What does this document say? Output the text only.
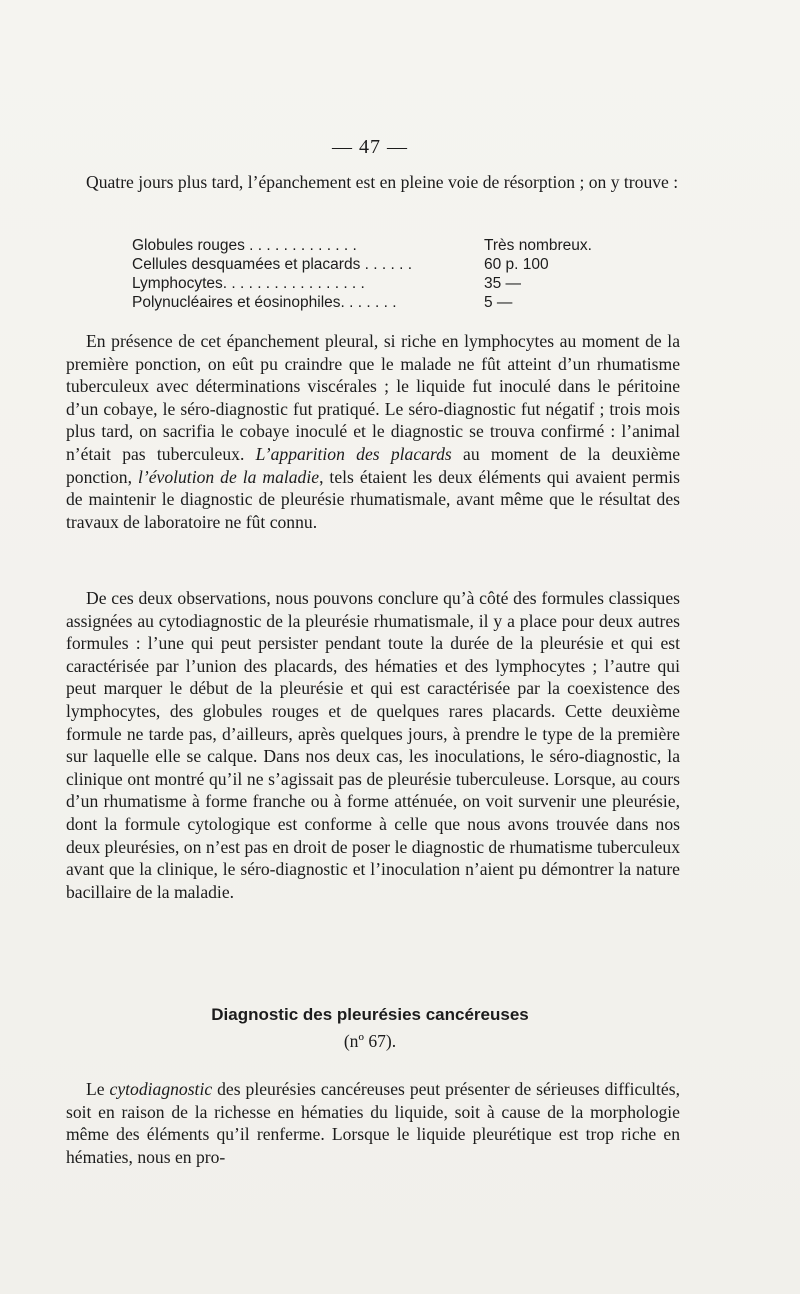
— 47 —

Quatre jours plus tard, l’épanchement est en pleine voie de résorption ; on y trouve :

Globules rouges . . . . . . . . . . . . .	Très nombreux.
Cellules desquamées et placards . . . . . .	60 p. 100
Lymphocytes. . . . . . . . . . . . . . . . .	35 —
Polynucléaires et éosinophiles. . . . . . .	5 —

En présence de cet épanchement pleural, si riche en lymphocytes au moment de la première ponction, on eût pu craindre que le malade ne fût atteint d’un rhumatisme tuberculeux avec déterminations viscérales ; le liquide fut inoculé dans le péritoine d’un cobaye, le séro-diagnostic fut pratiqué. Le séro-diagnostic fut négatif ; trois mois plus tard, on sacrifia le cobaye inoculé et le diagnostic se trouva confirmé : l’animal n’était pas tuberculeux. L’apparition des placards au moment de la deuxième ponction, l’évolution de la maladie, tels étaient les deux éléments qui avaient permis de maintenir le diagnostic de pleurésie rhumatismale, avant même que le résultat des travaux de laboratoire ne fût connu.

De ces deux observations, nous pouvons conclure qu’à côté des formules classiques assignées au cytodiagnostic de la pleurésie rhumatismale, il y a place pour deux autres formules : l’une qui peut persister pendant toute la durée de la pleurésie et qui est caractérisée par l’union des placards, des hématies et des lymphocytes ; l’autre qui peut marquer le début de la pleurésie et qui est caractérisée par la coexistence des lymphocytes, des globules rouges et de quelques rares placards. Cette deuxième formule ne tarde pas, d’ailleurs, après quelques jours, à prendre le type de la première sur laquelle elle se calque. Dans nos deux cas, les inoculations, le séro-diagnostic, la clinique ont montré qu’il ne s’agissait pas de pleurésie tuberculeuse. Lorsque, au cours d’un rhumatisme à forme franche ou à forme atténuée, on voit survenir une pleurésie, dont la formule cytologique est conforme à celle que nous avons trouvée dans nos deux pleurésies, on n’est pas en droit de poser le diagnostic de rhumatisme tuberculeux avant que la clinique, le séro-diagnostic et l’inoculation n’aient pu démontrer la nature bacillaire de la maladie.

Diagnostic des pleurésies cancéreuses
(nº 67).

Le cytodiagnostic des pleurésies cancéreuses peut présenter de sérieuses difficultés, soit en raison de la richesse en hématies du liquide, soit à cause de la morphologie même des éléments qu’il renferme. Lorsque le liquide pleurétique est trop riche en hématies, nous en pro-
